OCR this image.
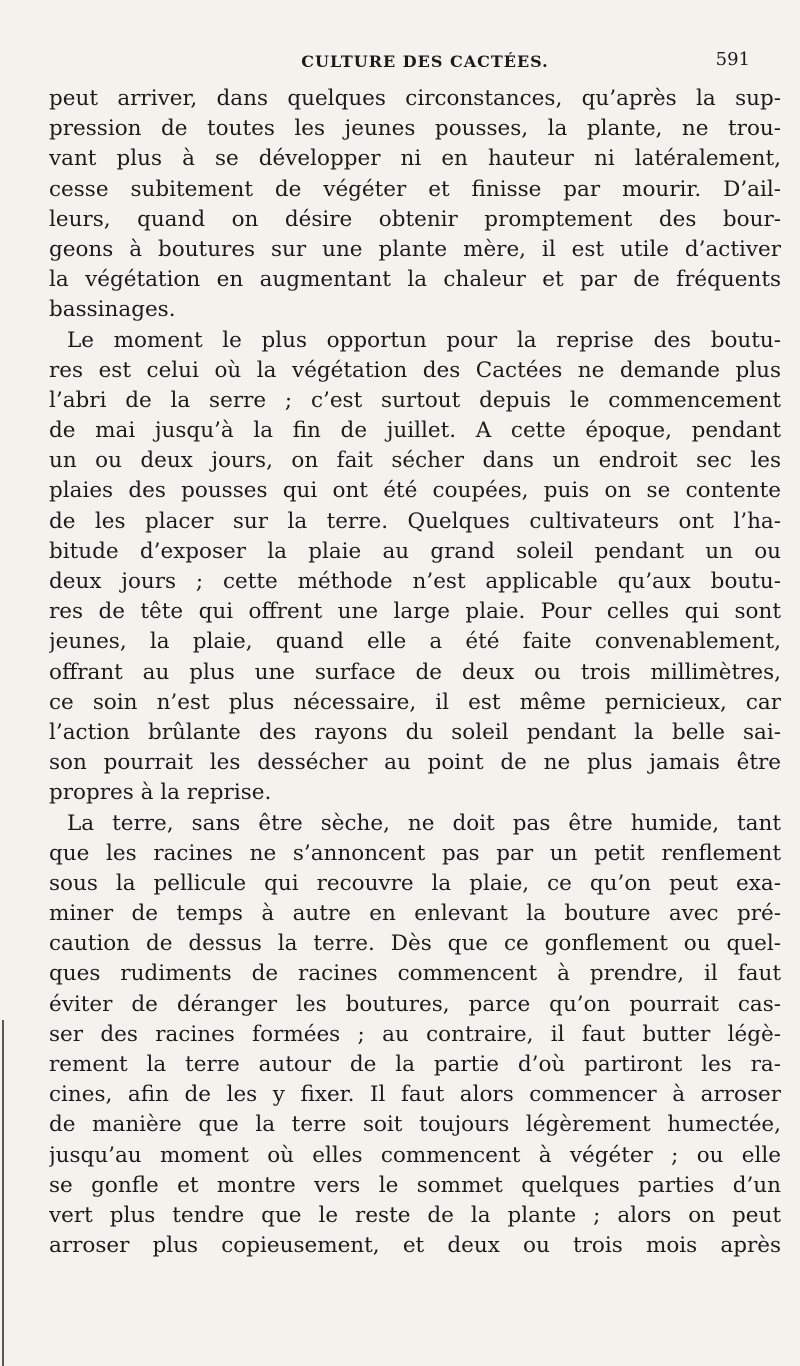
CULTURE DES CACTÉES.	591
peut arriver, dans quelques circonstances, qu’après la sup-
pression de toutes les jeunes pousses, la plante, ne trou-
vant plus à se développer ni en hauteur ni latéralement,
cesse subitement de végéter et finisse par mourir. D’ail-
leurs, quand on désire obtenir promptement des bour-
geons à boutures sur une plante mère, il est utile d’activer
la végétation en augmentant la chaleur et par de fréquents
bassinages.
Le moment le plus opportun pour la reprise des boutu-
res est celui où la végétation des Cactées ne demande plus
l’abri de la serre ; c’est surtout depuis le commencement
de mai jusqu’à la fin de juillet. A cette époque, pendant
un ou deux jours, on fait sécher dans un endroit sec les
plaies des pousses qui ont été coupées, puis on se contente
de les placer sur la terre. Quelques cultivateurs ont l’ha-
bitude d’exposer la plaie au grand soleil pendant un ou
deux jours ; cette méthode n’est applicable qu’aux boutu-
res de tête qui offrent une large plaie. Pour celles qui sont
jeunes, la plaie, quand elle a été faite convenablement,
offrant au plus une surface de deux ou trois millimètres,
ce soin n’est plus nécessaire, il est même pernicieux, car
l’action brûlante des rayons du soleil pendant la belle sai-
son pourrait les dessécher au point de ne plus jamais être
propres à la reprise.
La terre, sans être sèche, ne doit pas être humide, tant
que les racines ne s’annoncent pas par un petit renflement
sous la pellicule qui recouvre la plaie, ce qu’on peut exa-
miner de temps à autre en enlevant la bouture avec pré-
caution de dessus la terre. Dès que ce gonflement ou quel-
ques rudiments de racines commencent à prendre, il faut
éviter de déranger les boutures, parce qu’on pourrait cas-
ser des racines formées ; au contraire, il faut butter légè-
rement la terre autour de la partie d’où partiront les ra-
cines, afin de les y fixer. Il faut alors commencer à arroser
de manière que la terre soit toujours légèrement humectée,
jusqu’au moment où elles commencent à végéter ; ou elle
se gonfle et montre vers le sommet quelques parties d’un
vert plus tendre que le reste de la plante ; alors on peut
arroser plus copieusement, et deux ou trois mois après
